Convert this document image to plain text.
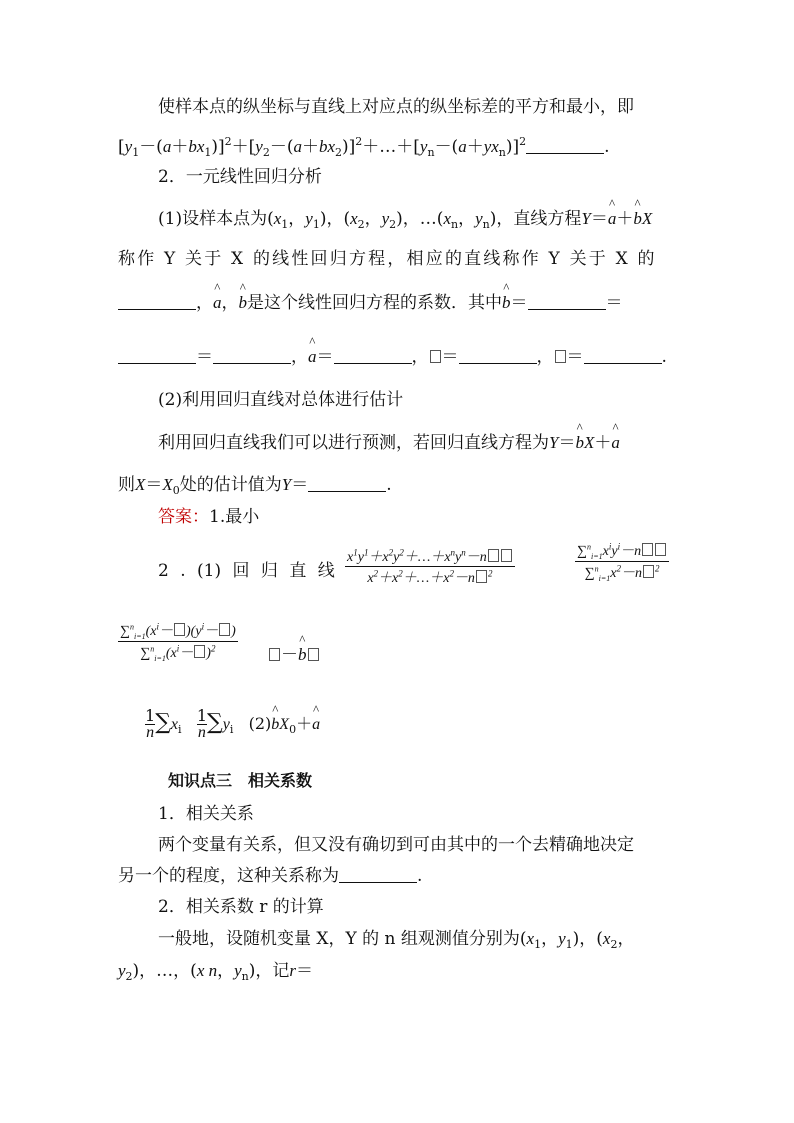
使样本点的纵坐标与直线上对应点的纵坐标差的平方和最小，即
$[y_1-(a+bx_1)]^2+[y_2-(a+bx_2)]^2+\dots+[y_n-(a+yx_n)]^2$	.
2．一元线性回归分析
(1)设样本点为($x_1$，$y_1$)，($x_2$，$y_2$)，$\dots(x_n$，$y_n$)，直线方程Y＝^ a＋^ bX
称作 Y 关于 X 的线性回归方程，相应的直线称作 Y 关于 X 的
，^ a，^ b是这个线性回归方程的系数．其中^ b＝	＝
＝	，^ a＝	， ＝	， ＝	.
(2)利用回归直线对总体进行估计
利用回归直线我们可以进行预测，若回归直线方程为Y＝^ bX＋^ a
则$X=X_0$处的估计值为Y＝	.
答案：1.最小
2 . (1) 回 归 直 线
$x^1y^1+x^2y^2+\dots+x^ny^n-n$
$x^2+x^2+\dots+x^2-n$ $^2$
$\sum^n_{i=1}x^iy^i-n$
$\sum^n_{i=1}x^2-n$ $^2$
$\frac{\sum^n_{i=1}(x^i- )(y^i- )}{\sum^n_{i=1}(x^i- )^2}$	－^ b
$\frac{1}{n} \sum x_i \frac{1}{n} \sum y_i$ (2)^ $bX_0+\^{}$ a
知识点三　相关系数
1．相关关系
两个变量有关系，但又没有确切到可由其中的一个去精确地决定
另一个的程度，这种关系称为	.
2．相关系数 r 的计算
一般地，设随机变量 X，Y 的 n 组观测值分别为($x_1$，$y_1$)，($x_2$，
$y_2$)，…，(x n，$y_n$)，记r＝
